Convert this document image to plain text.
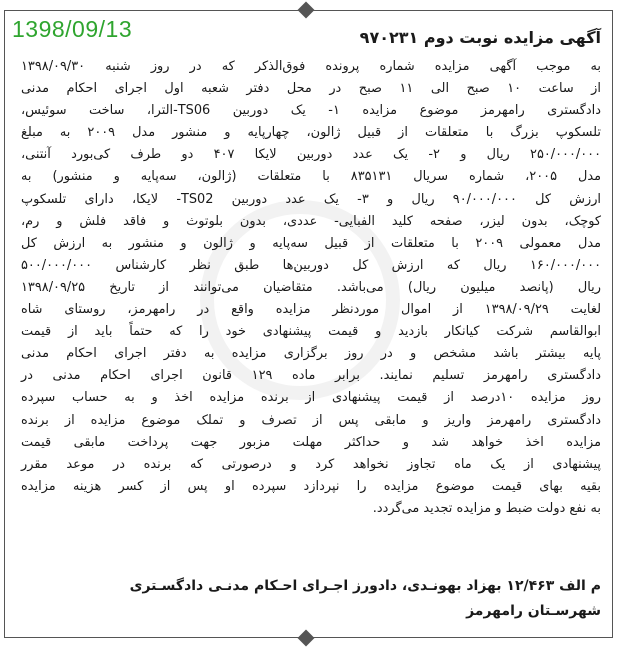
1398/09/13	آگهی مزایده نوبت دوم ۹۷۰۲۳۱
به موجب آگهی مزایده شماره پرونده فوق‌الذکر که در روز شنبه ۱۳۹۸/۰۹/۳۰
از ساعت ۱۰ صبح الی ۱۱ صبح در محل دفتر شعبه اول اجرای احکام مدنی
دادگستری رامهرمز موضوع مزایده ۱- یک دوربین TS06-الترا، ساخت سوئیس،
تلسکوپ بزرگ با متعلقات از قبیل ژالون، چهارپایه و منشور مدل ۲۰۰۹ به مبلغ
۲۵۰/۰۰۰/۰۰۰ ریال و ۲- یک عدد دوربین لایکا ۴۰۷ دو طرف کی‌بورد آنتنی،
مدل ۲۰۰۵، شماره سریال ۸۳۵۱۳۱ با متعلقات (ژالون، سه‌پایه و منشور) به
ارزش کل ۹۰/۰۰۰/۰۰۰ ریال و ۳- یک عدد دوربین TS02- لایکا، دارای تلسکوپ
کوچک، بدون لیزر، صفحه کلید الفبایی- عددی، بدون بلوتوث و فاقد فلش و رم،
مدل معمولی ۲۰۰۹ با متعلقات از قبیل سه‌پایه و ژالون و منشور به ارزش کل
۱۶۰/۰۰۰/۰۰۰ ریال که ارزش کل دوربین‌ها طبق نظر کارشناس ۵۰۰/۰۰۰/۰۰۰
ریال (پانصد میلیون ریال) می‌باشد. متقاضیان می‌توانند از تاریخ ۱۳۹۸/۰۹/۲۵
لغایت ۱۳۹۸/۰۹/۲۹ از اموال موردنظر مزایده واقع در رامهرمز، روستای شاه
ابوالقاسم شرکت کیانکار بازدید و قیمت پیشنهادی خود را که حتماً باید از قیمت
پایه بیشتر باشد مشخص و در روز برگزاری مزایده به دفتر اجرای احکام مدنی
دادگستری رامهرمز تسلیم نمایند. برابر ماده ۱۲۹ قانون اجرای احکام مدنی در
روز مزایده ۱۰درصد از قیمت پیشنهادی از برنده مزایده اخذ و به حساب سپرده
دادگستری رامهرمز واریز و مابقی پس از تصرف و تملک موضوع مزایده از برنده
مزایده اخذ خواهد شد و حداکثر مهلت مزبور جهت پرداخت مابقی قیمت
پیشنهادی از یک ماه تجاوز نخواهد کرد و درصورتی که برنده در موعد مقرر
بقیه بهای قیمت موضوع مزایده را نپردازد سپرده او پس از کسر هزینه مزایده
به نفع دولت ضبط و مزایده تجدید می‌گردد.
م الف ۱۲/۴۶۳ بهزاد بهونـدی، دادورز اجـرای احـکام مدنـی دادگسـتری
شهرسـتان رامهرمز
